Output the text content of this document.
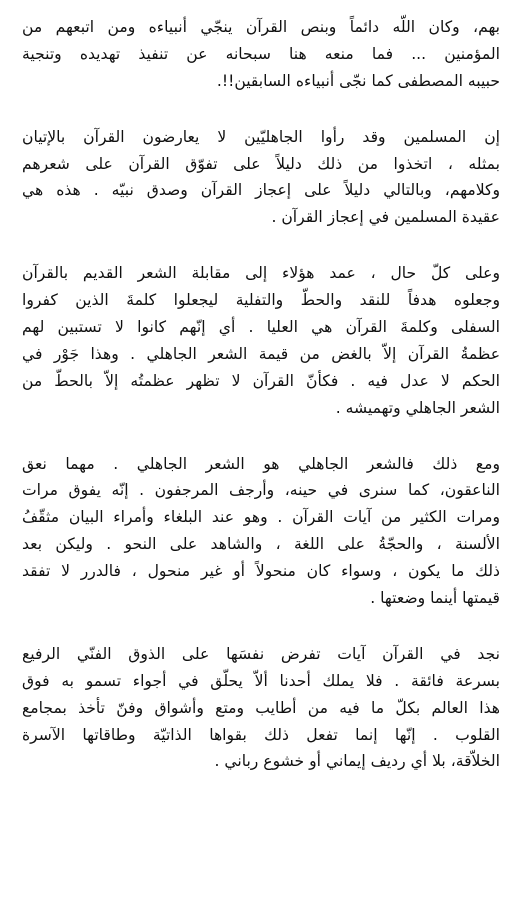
بهم، وكان اللّه دائماً وبنص القرآن ينجّي أنبياءه ومن اتبعهم من
المؤمنين ... فما منعه هنا سبحانه عن تنفيذ تهديده وتنجية
حبيبه المصطفى كما نجّى أنبياءه السابقين!!.

إن المسلمين وقد رأوا الجاهليّين لا يعارضون القرآن بالإتيان
بمثله ، اتخذوا من ذلك دليلاً على تفوّق القرآن على شعرهم
وكلامهم، وبالتالي دليلاً على إعجاز القرآن وصدق نبيّه . هذه هي
عقيدة المسلمين في إعجاز القرآن .

وعلى كلّ حال ، عمد هؤلاء إلى مقابلة الشعر القديم بالقرآن
وجعلوه هدفاً للنقد والحطّ والتفلية ليجعلوا كلمةَ الذين كفروا
السفلى وكلمةَ القرآن هي العليا . أي إنّهم كانوا لا تستبين لهم
عظمةُ القرآن إلاّ بالغض من قيمة الشعر الجاهلي . وهذا جَوْر في
الحكم لا عدل فيه . فكأنّ القرآن لا تظهر عظمتُه إلاّ بالحطّ من
الشعر الجاهلي وتهميشه .

ومع ذلك فالشعر الجاهلي هو الشعر الجاهلي . مهما نعق
الناعقون، كما سنرى في حينه، وأرجف المرجفون . إنّه يفوق مرات
ومرات الكثير من آيات القرآن . وهو عند البلغاء وأمراء البيان مثقّفُ
الألسنة ، والحجّةُ على اللغة ، والشاهد على النحو . وليكن بعد
ذلك ما يكون ، وسواء كان منحولاً أو غير منحول ، فالدرر لا تفقد
قيمتها أينما وضعتها .

نجد في القرآن آيات تفرض نفسَها على الذوق الفنّي الرفيع
بسرعة فائقة . فلا يملك أحدنا ألاّ يحلّق في أجواء تسمو به فوق
هذا العالم بكلّ ما فيه من أطايب ومتع وأشواق وفنّ تأخذ بمجامع
القلوب . إنّها إنما تفعل ذلك بقواها الذاتيّة وطاقاتها الآسرة
الخلاّقة، بلا أي رديف إيماني أو خشوع رباني .
